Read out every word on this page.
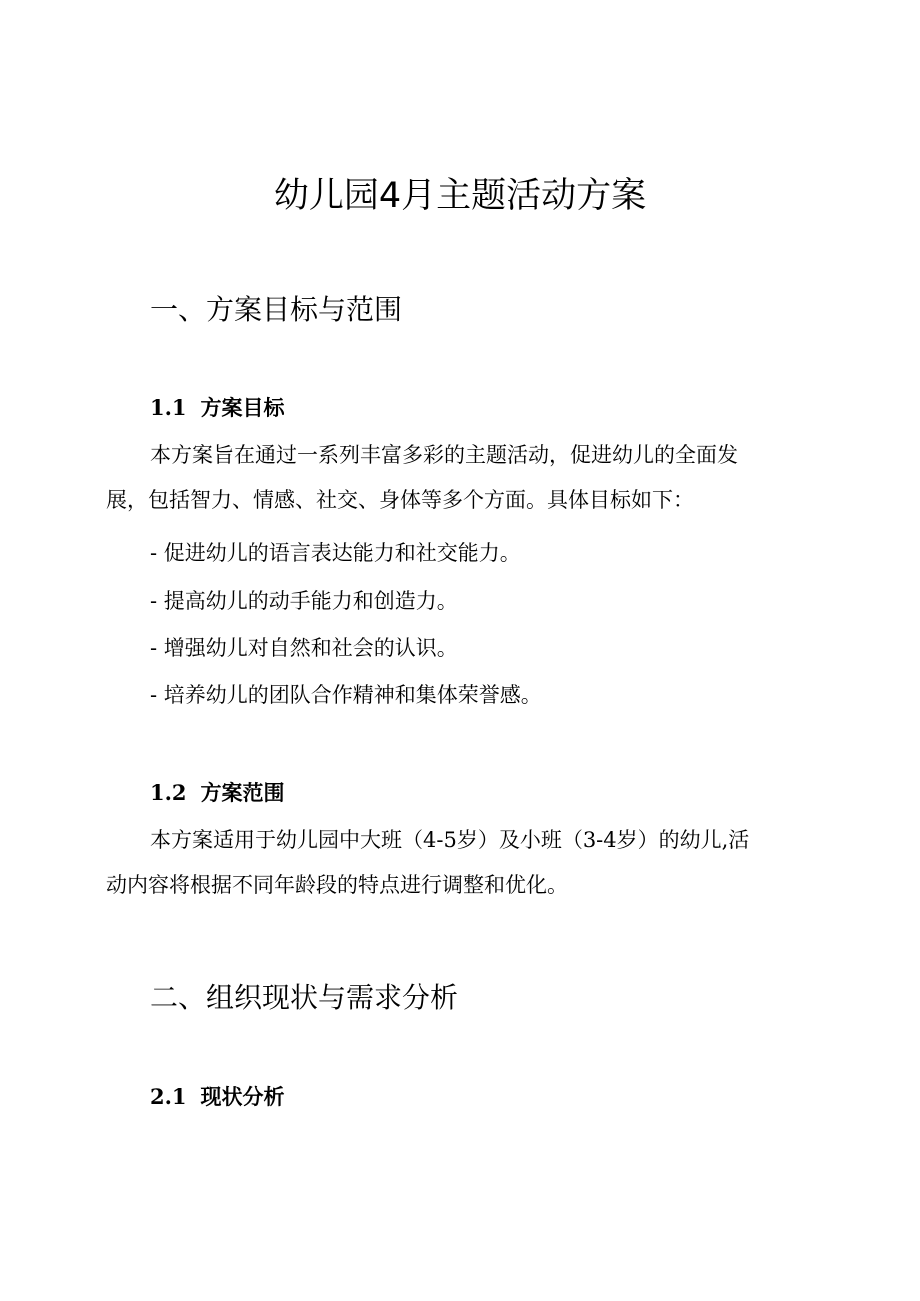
幼儿园4月主题活动方案
一、方案目标与范围
1.1 方案目标

本方案旨在通过一系列丰富多彩的主题活动，促进幼儿的全面发
展，包括智力、情感、社交、身体等多个方面。具体目标如下：

- 促进幼儿的语言表达能力和社交能力。

- 提高幼儿的动手能力和创造力。

- 增强幼儿对自然和社会的认识。

- 培养幼儿的团队合作精神和集体荣誉感。

1.2 方案范围

本方案适用于幼儿园中大班（4-5岁）及小班（3-4岁）的幼儿,活
动内容将根据不同年龄段的特点进行调整和优化。

二、组织现状与需求分析
2.1 现状分析
